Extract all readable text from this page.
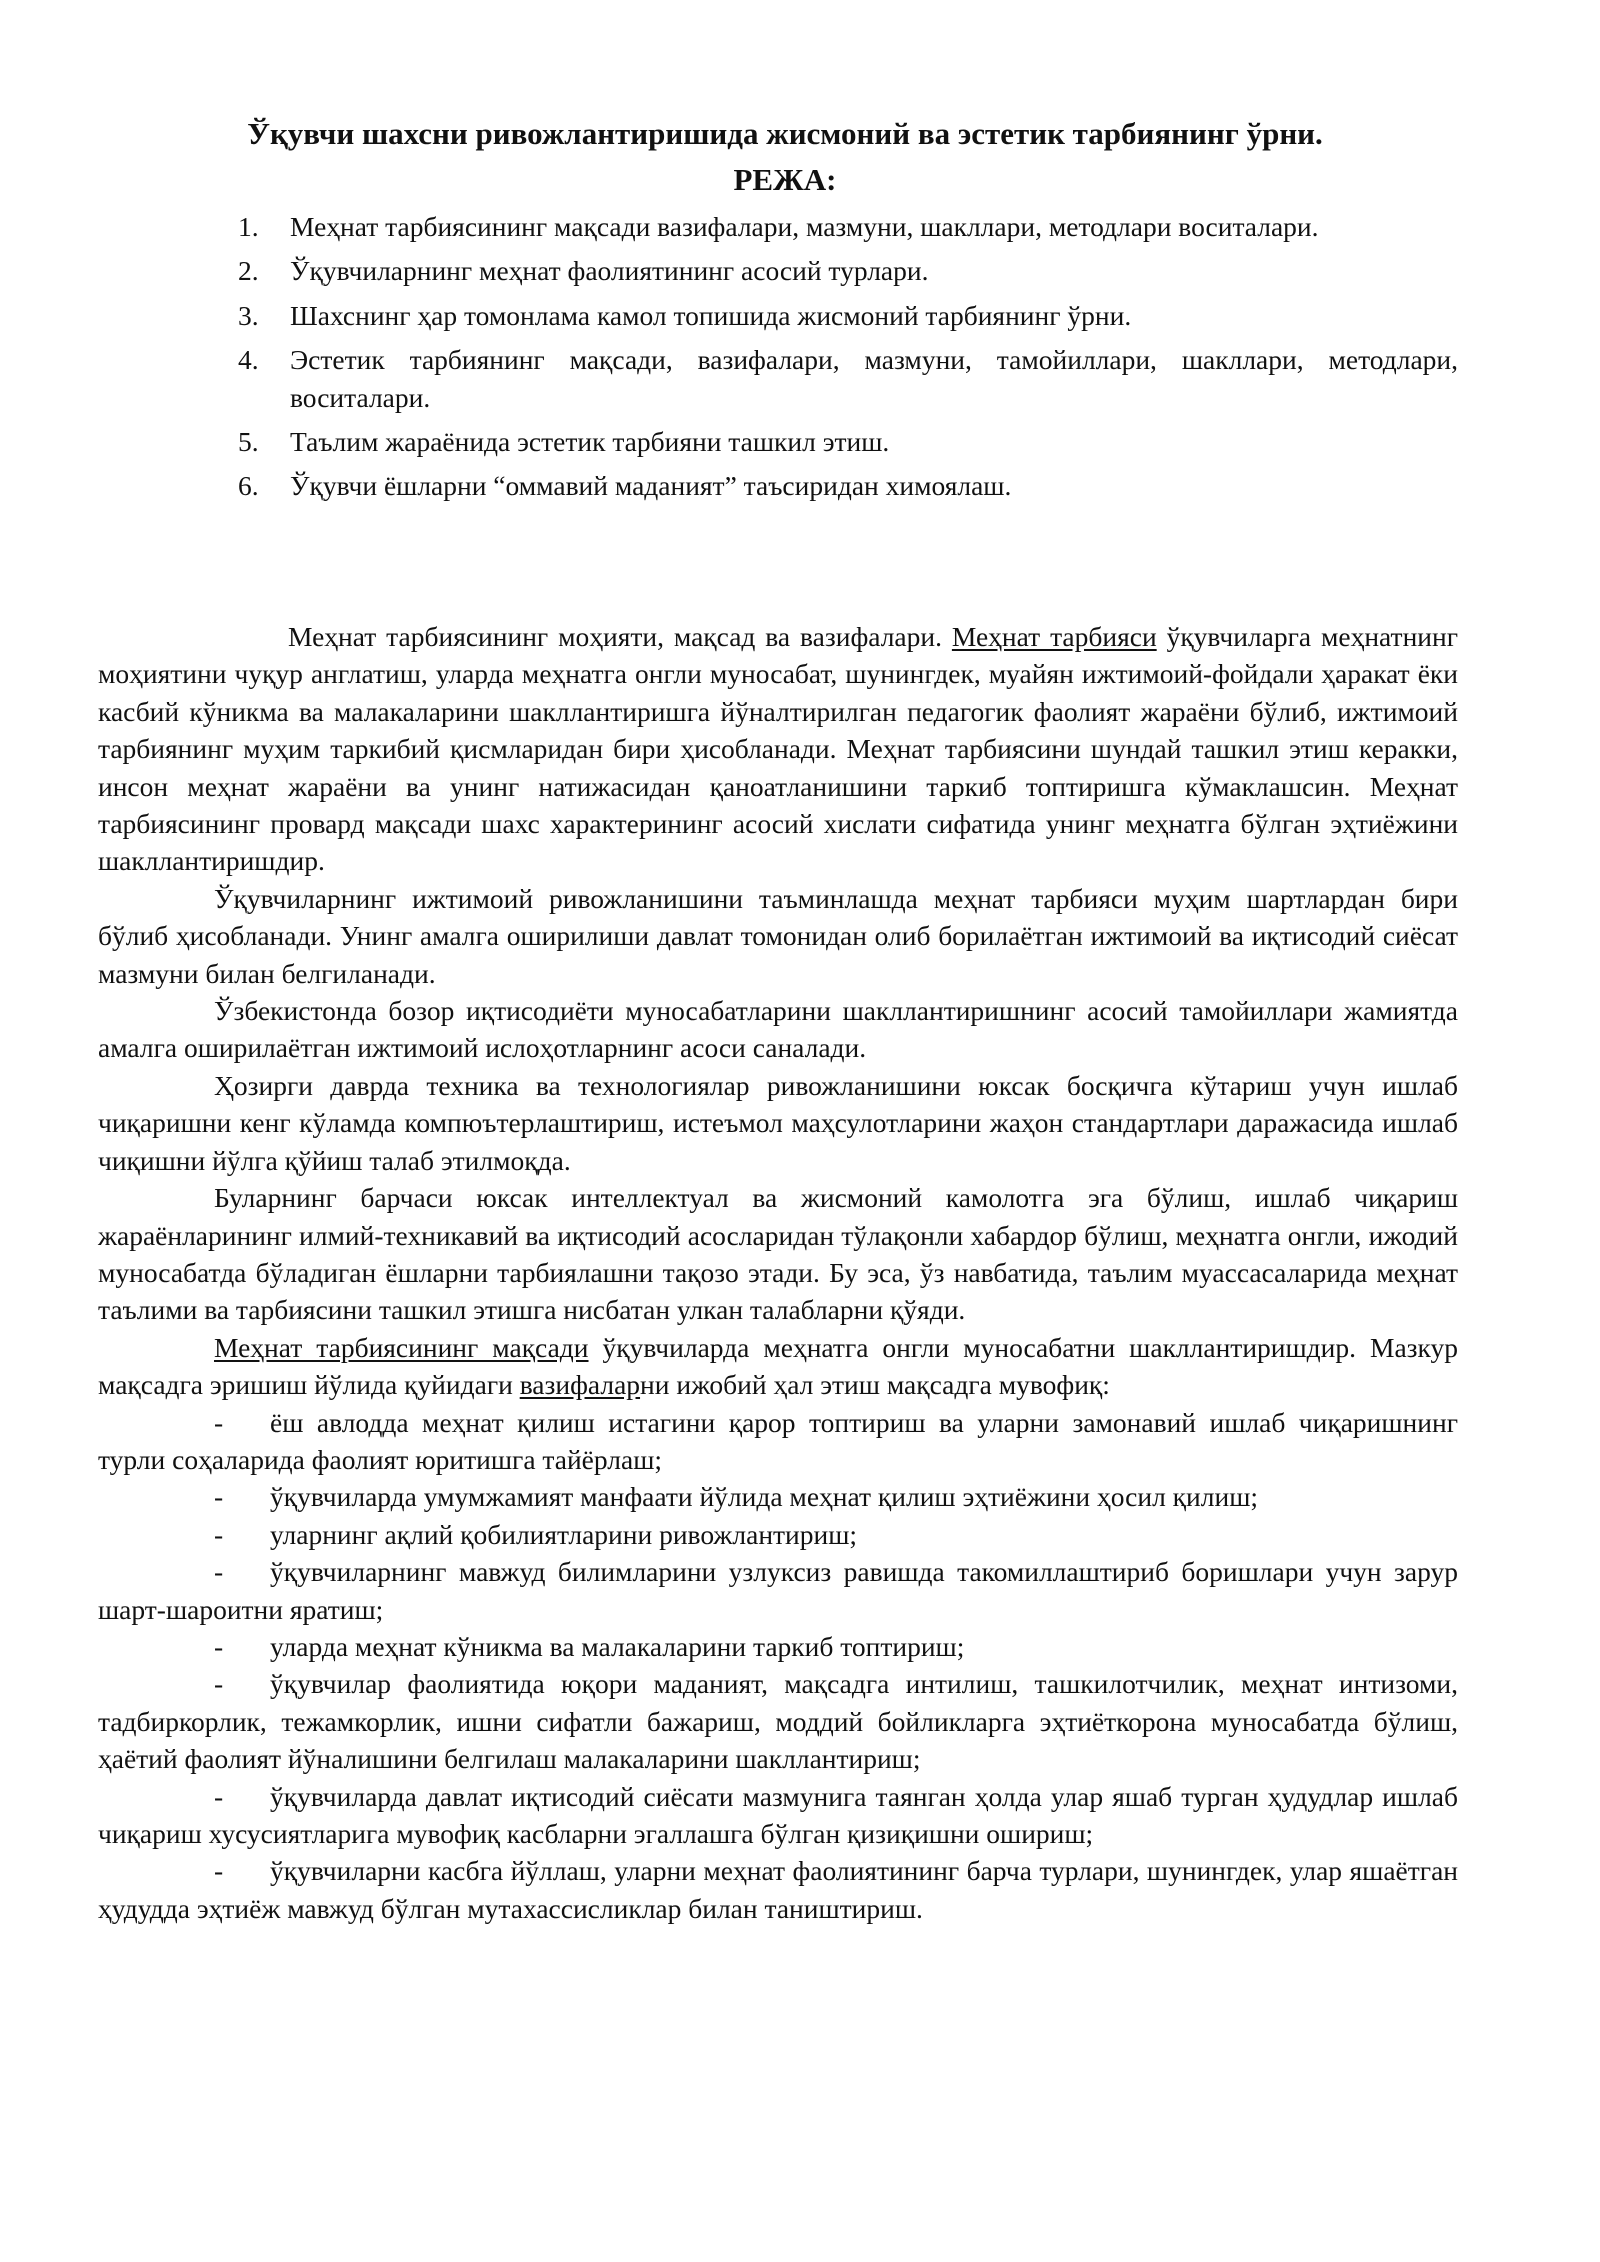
Ўқувчи шахсни ривожлантиришида жисмоний ва эстетик тарбиянинг ўрни.
РЕЖА:
1.	Меҳнат тарбиясининг мақсади вазифалари, мазмуни, шакллари, методлари воситалари.
2.	Ўқувчиларнинг меҳнат фаолиятининг асосий турлари.
3.	Шахснинг ҳар томонлама камол топишида жисмоний тарбиянинг ўрни.
4.	Эстетик тарбиянинг мақсади, вазифалари, мазмуни, тамойиллари, шакллари, методлари, воситалари.
5.	Таълим жараёнида эстетик тарбияни ташкил этиш.
6.	Ўқувчи ёшларни “оммавий маданият” таъсиридан химоялаш.

Меҳнат тарбиясининг моҳияти, мақсад ва вазифалари. Меҳнат тарбияси ўқувчиларга меҳнатнинг моҳиятини чуқур англатиш, уларда меҳнатга онгли муносабат, шунингдек, муайян ижтимоий-фойдали ҳаракат ёки касбий кўникма ва малакаларини шакллантиришга йўналтирилган педагогик фаолият жараёни бўлиб, ижтимоий тарбиянинг муҳим таркибий қисмларидан бири ҳисобланади. Меҳнат тарбиясини шундай ташкил этиш керакки, инсон меҳнат жараёни ва унинг натижасидан қаноатланишини таркиб топтиришга кўмаклашсин. Меҳнат тарбиясининг провард мақсади шахс характерининг асосий хислати сифатида унинг меҳнатга бўлган эҳтиёжини шакллантиришдир.

Ўқувчиларнинг ижтимоий ривожланишини таъминлашда меҳнат тарбияси муҳим шартлардан бири бўлиб ҳисобланади. Унинг амалга оширилиши давлат томонидан олиб борилаётган ижтимоий ва иқтисодий сиёсат мазмуни билан белгиланади.

Ўзбекистонда бозор иқтисодиёти муносабатларини шакллантиришнинг асосий тамойиллари жамиятда амалга оширилаётган ижтимоий ислоҳотларнинг асоси саналади.

Ҳозирги даврда техника ва технологиялар ривожланишини юксак босқичга кўтариш учун ишлаб чиқаришни кенг кўламда компюътерлаштириш, истеъмол маҳсулотларини жаҳон стандартлари даражасида ишлаб чиқишни йўлга қўйиш талаб этилмоқда.

Буларнинг барчаси юксак интеллектуал ва жисмоний камолотга эга бўлиш, ишлаб чиқариш жараёнларининг илмий-техникавий ва иқтисодий асосларидан тўлақонли хабардор бўлиш, меҳнатга онгли, ижодий муносабатда бўладиган ёшларни тарбиялашни тақозо этади. Бу эса, ўз навбатида, таълим муассасаларида меҳнат таълими ва тарбиясини ташкил этишга нисбатан улкан талабларни қўяди.

Меҳнат тарбиясининг мақсади ўқувчиларда меҳнатга онгли муносабатни шакллантиришдир. Мазкур мақсадга эришиш йўлида қуйидаги вазифаларни ижобий ҳал этиш мақсадга мувофиқ:

- ёш авлодда меҳнат қилиш истагини қарор топтириш ва уларни замонавий ишлаб чиқаришнинг турли соҳаларида фаолият юритишга тайёрлаш;

- ўқувчиларда умумжамият манфаати йўлида меҳнат қилиш эҳтиёжини ҳосил қилиш;

- уларнинг ақлий қобилиятларини ривожлантириш;

- ўқувчиларнинг мавжуд билимларини узлуксиз равишда такомиллаштириб боришлари учун зарур шарт-шароитни яратиш;

- уларда меҳнат кўникма ва малакаларини таркиб топтириш;

- ўқувчилар фаолиятида юқори маданият, мақсадга интилиш, ташкилотчилик, меҳнат интизоми, тадбиркорлик, тежамкорлик, ишни сифатли бажариш, моддий бойликларга эҳтиёткорона муносабатда бўлиш, ҳаётий фаолият йўналишини белгилаш малакаларини шакллантириш;

- ўқувчиларда давлат иқтисодий сиёсати мазмунига таянган ҳолда улар яшаб турган ҳудудлар ишлаб чиқариш хусусиятларига мувофиқ касбларни эгаллашга бўлган қизиқишни ошириш;

- ўқувчиларни касбга йўллаш, уларни меҳнат фаолиятининг барча турлари, шунингдек, улар яшаётган ҳудудда эҳтиёж мавжуд бўлган мутахассисликлар билан таништириш.
